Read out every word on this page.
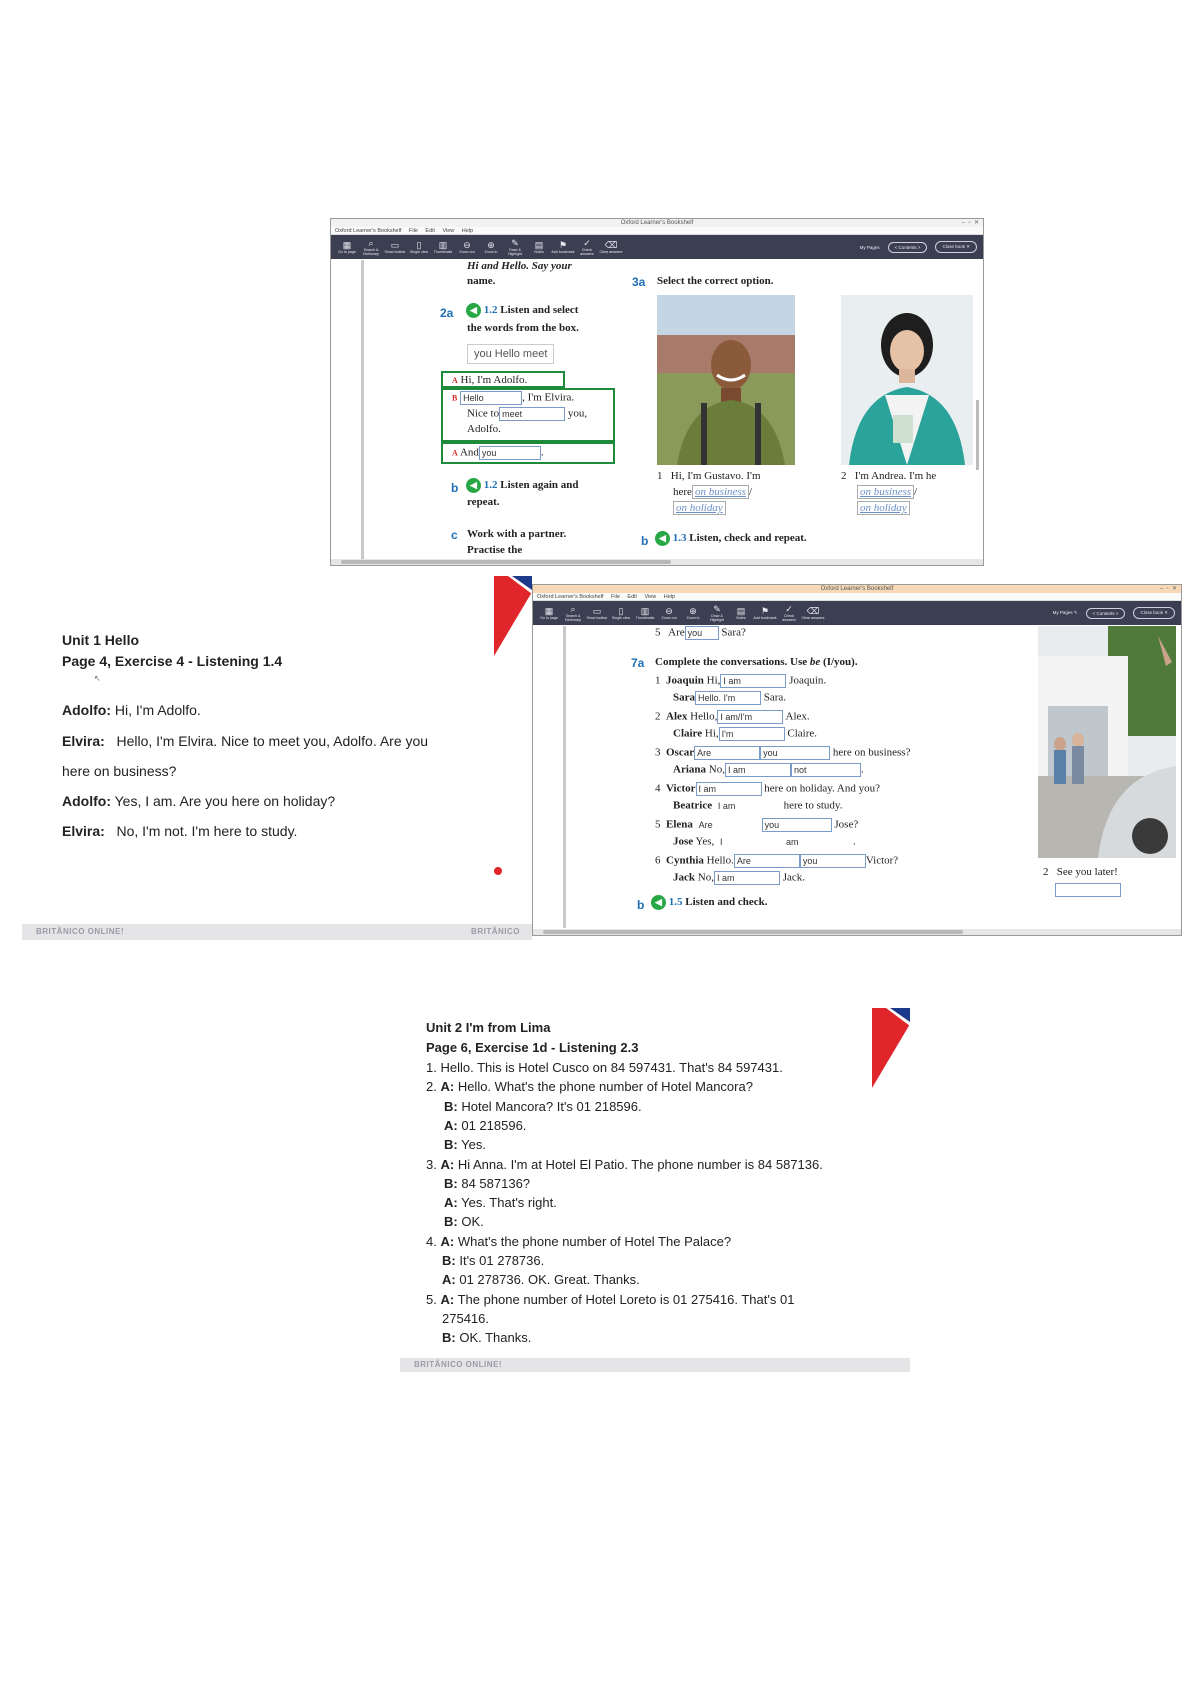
Oxford Learner's Bookshelf	–  ▫  ✕
Oxford Learner's Bookshelf File Edit View Help
▦
Go to page
⌕
Search & Dictionary
▭
Show toolbar
▯
Single view
▥
Thumbnails
⊖
Zoom out
⊕
Zoom in
✎
Draw & Highlight
▤
Notes
⚑
Add bookmark
✓
Check answers
⌫
Clear answers
My Pages	< Contents >	Close book ✕
Hi and Hello. Say your
name.
2a	◀ 1.2 Listen and select
the words from the box.
you Hello meet
A Hi, I'm Adolfo.
B Hello	, I'm Elvira.
Nice to meet	you,
Adolfo.
A And you	.
b	◀ 1.2 Listen again and
repeat.
c Work with a partner.
Practise the
3a Select the correct option.
1 Hi, I'm Gustavo. I'm
here on business /
on holiday
2 I'm Andrea. I'm he
on business /
on holiday
b	◀ 1.3 Listen, check and repeat.
Unit 1 Hello
Page 4, Exercise 4 - Listening 1.4
↖
Adolfo: Hi, I'm Adolfo.
Elvira: Hello, I'm Elvira. Nice to meet you, Adolfo. Are you
here on business?
Adolfo: Yes, I am. Are you here on holiday?
Elvira: No, I'm not. I'm here to study.
BRITÂNICO ONLINE!	BRITÂNICO
Oxford Learner's Bookshelf	–  ▫  ✕
Oxford Learner's Bookshelf File Edit View Help
▦
Go to page
⌕
Search & Dictionary
▭
Show toolbar
▯
Single view
▥
Thumbnails
⊖
Zoom out
⊕
Zoom in
✎
Draw & Highlight
▤
Notes
⚑
Add bookmark
✓
Check answers
⌫
Clear answers
My Pages ✎	< Contents >	Close book ✕
5 Are you Sara?
7a Complete the conversations. Use be (I/you).
1 Joaquin Hi, I am	Joaquin.
Sara Hello. I'm	Sara.
2 Alex Hello, I am/I'm	Alex.
Claire Hi, I'm	Claire.
3 Oscar Are	you	here on business?
Ariana No, I am	not	.
4 Victor I am	here on holiday. And you?
Beatrice I am	here to study.
5 Elena Are	you	Jose?
Jose Yes, I	am	.
6 Cynthia Hello. Are	you	Victor?
Jack No, I am	Jack.
b	◀ 1.5 Listen and check.
2 See you later!
Unit 2 I'm from Lima
Page 6, Exercise 1d - Listening 2.3
1. Hello. This is Hotel Cusco on 84 597431. That's 84 597431.
2. A: Hello. What's the phone number of Hotel Mancora?
B: Hotel Mancora? It's 01 218596.
A: 01 218596.
B: Yes.
3. A: Hi Anna. I'm at Hotel El Patio. The phone number is 84 587136.
B: 84 587136?
A: Yes. That's right.
B: OK.
4. A: What's the phone number of Hotel The Palace?
B: It's 01 278736.
A: 01 278736. OK. Great. Thanks.
5. A: The phone number of Hotel Loreto is 01 275416. That's 01
275416.
B: OK. Thanks.
BRITÂNICO ONLINE!
